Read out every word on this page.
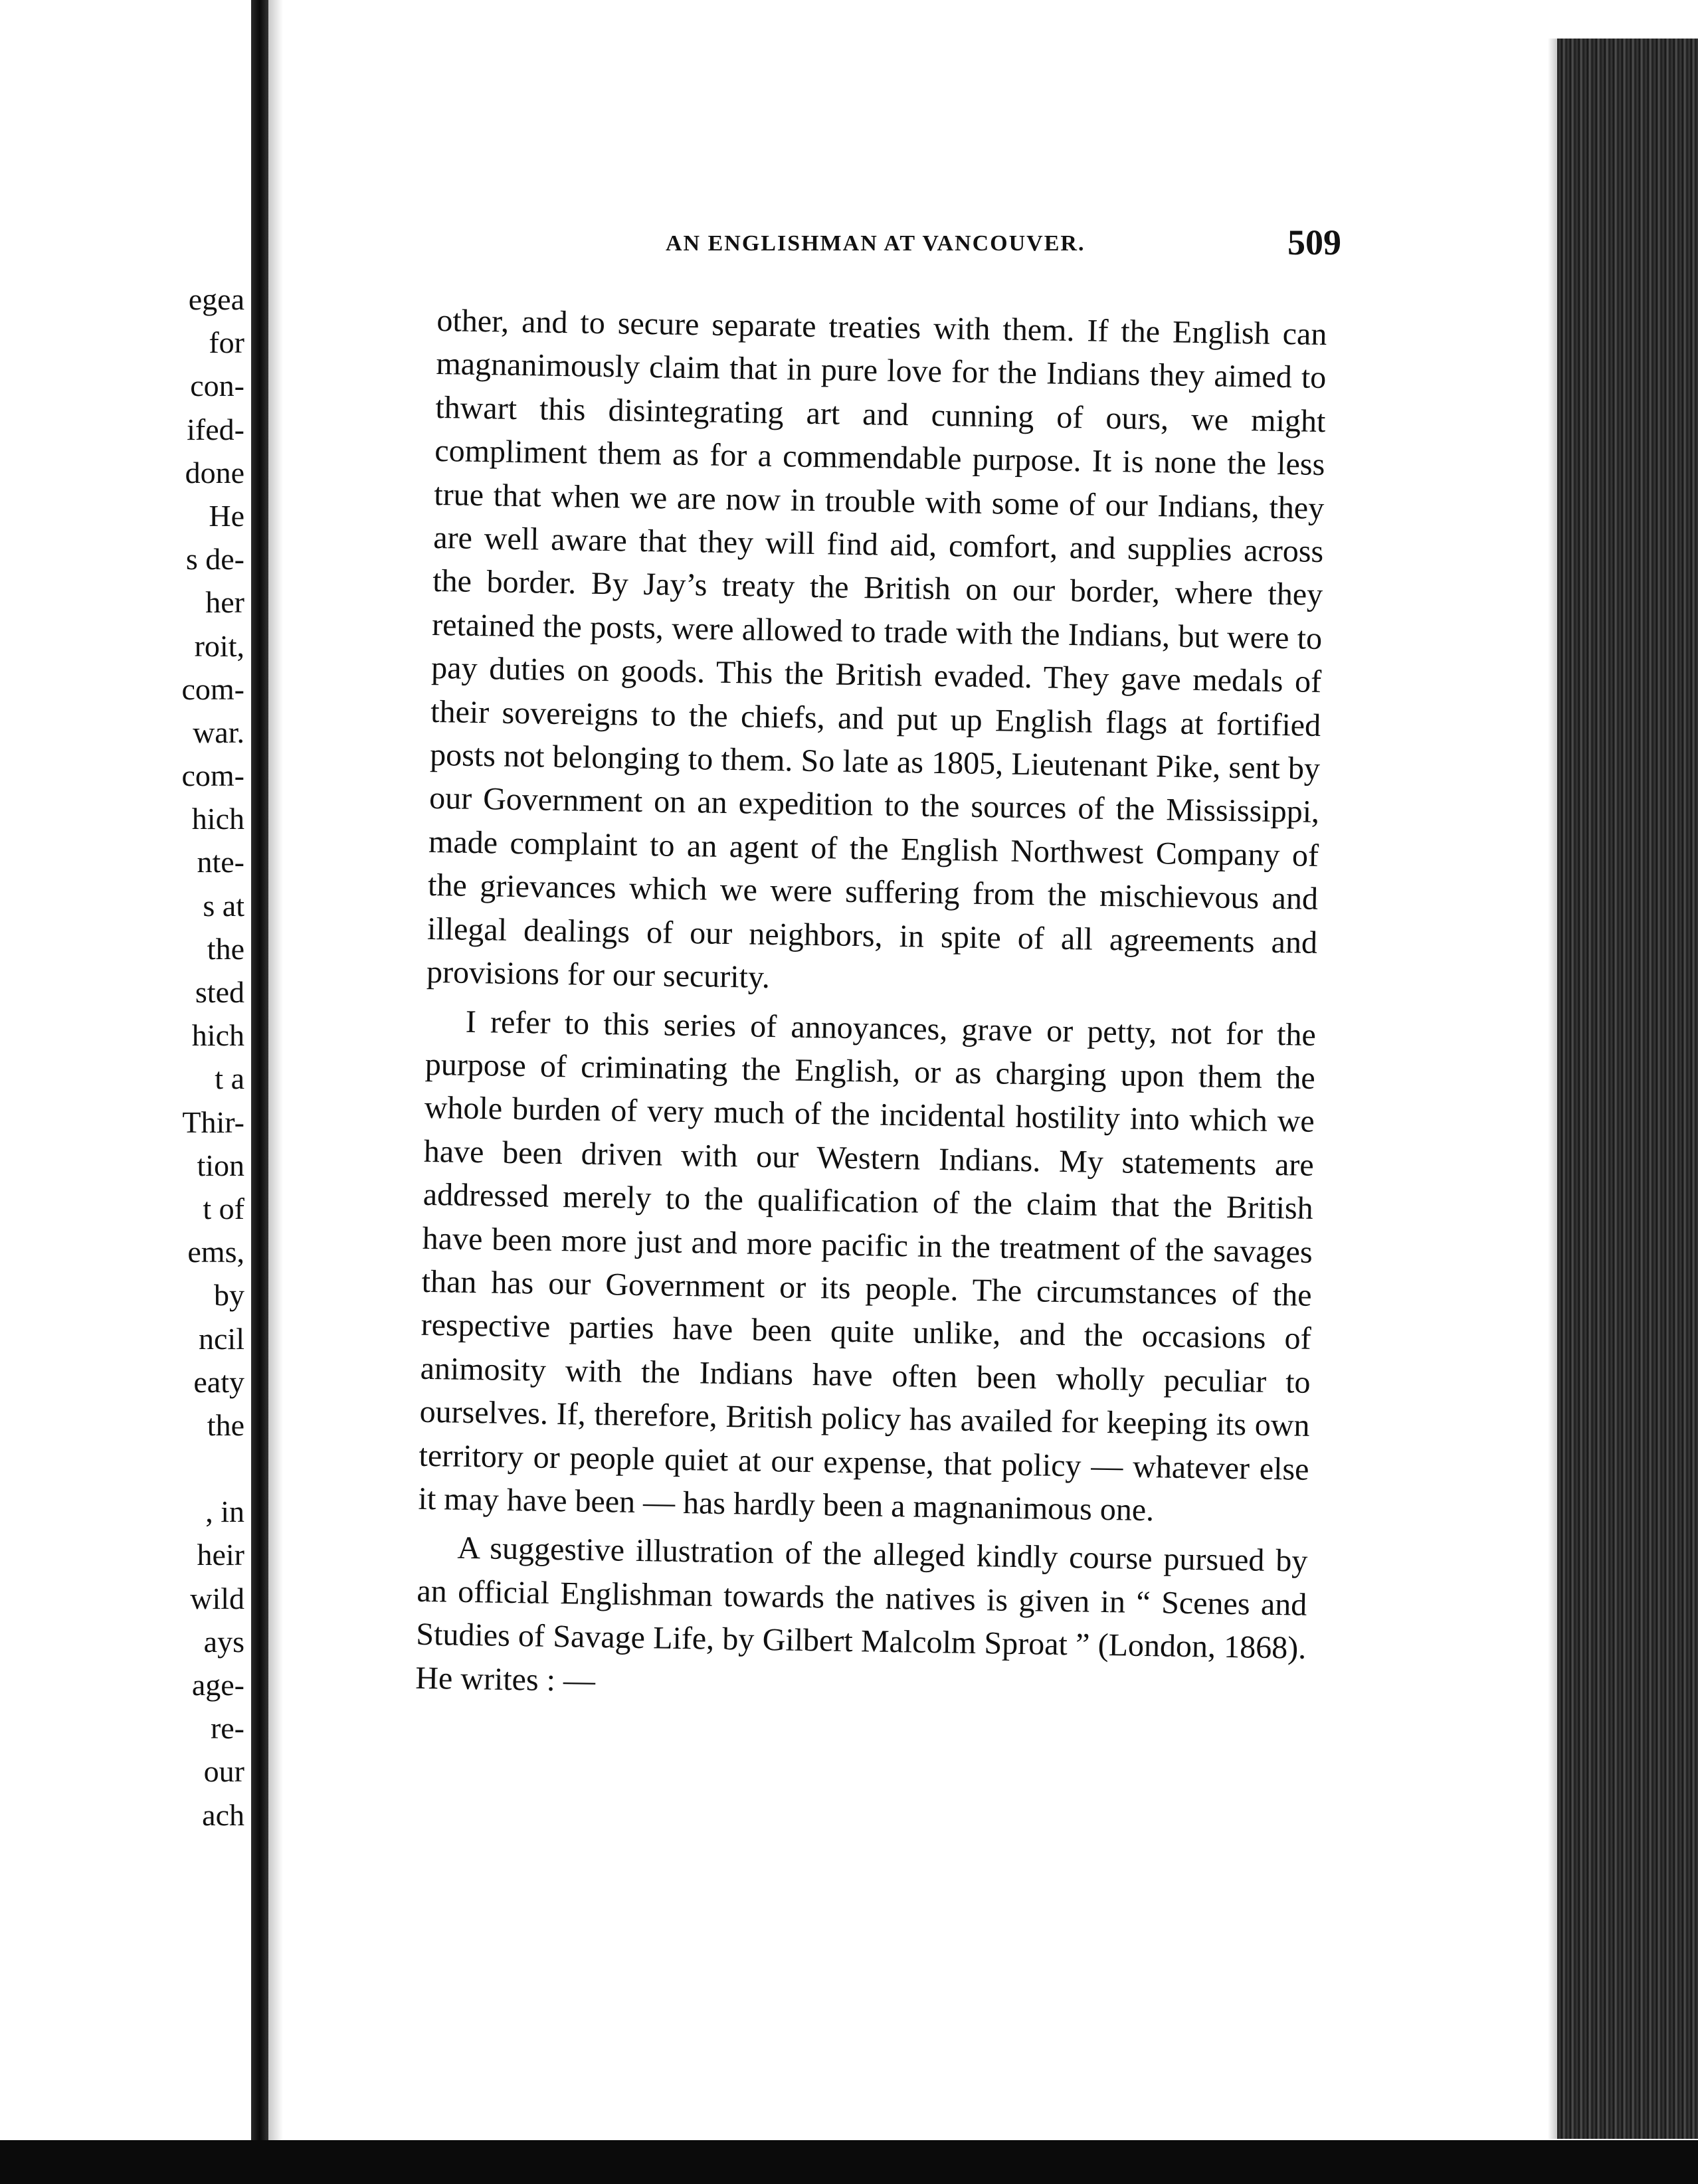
egea
for
con-
ifed-
done
He
s de-
her
roit,
com-
war.
com-
hich
nte-
s at
the
sted
hich
t a
Thir-
tion
t of
ems,
by
ncil
eaty
the
, in
heir
wild
ays
age-
re-
our
ach
AN ENGLISHMAN AT VANCOUVER.	509

other, and to secure separate treaties with them. If the English can magnanimously claim that in pure love for the Indians they aimed to thwart this disintegrating art and cunning of ours, we might compliment them as for a commendable purpose. It is none the less true that when we are now in trouble with some of our Indians, they are well aware that they will find aid, comfort, and supplies across the border. By Jay’s treaty the British on our border, where they retained the posts, were allowed to trade with the Indians, but were to pay duties on goods. This the British evaded. They gave medals of their sovereigns to the chiefs, and put up English flags at fortified posts not belonging to them. So late as 1805, Lieutenant Pike, sent by our Government on an expedition to the sources of the Mississippi, made complaint to an agent of the English Northwest Company of the grievances which we were suffering from the mischievous and illegal dealings of our neighbors, in spite of all agreements and provisions for our security.

I refer to this series of annoyances, grave or petty, not for the purpose of criminating the English, or as charging upon them the whole burden of very much of the incidental hostility into which we have been driven with our Western Indians. My statements are addressed merely to the qualification of the claim that the British have been more just and more pacific in the treatment of the savages than has our Government or its people. The circumstances of the respective parties have been quite unlike, and the occasions of animosity with the Indians have often been wholly peculiar to ourselves. If, therefore, British policy has availed for keeping its own territory or people quiet at our expense, that policy — whatever else it may have been — has hardly been a magnanimous one.

A suggestive illustration of the alleged kindly course pursued by an official Englishman towards the natives is given in “ Scenes and Studies of Savage Life, by Gilbert Malcolm Sproat ” (London, 1868). He writes : —
